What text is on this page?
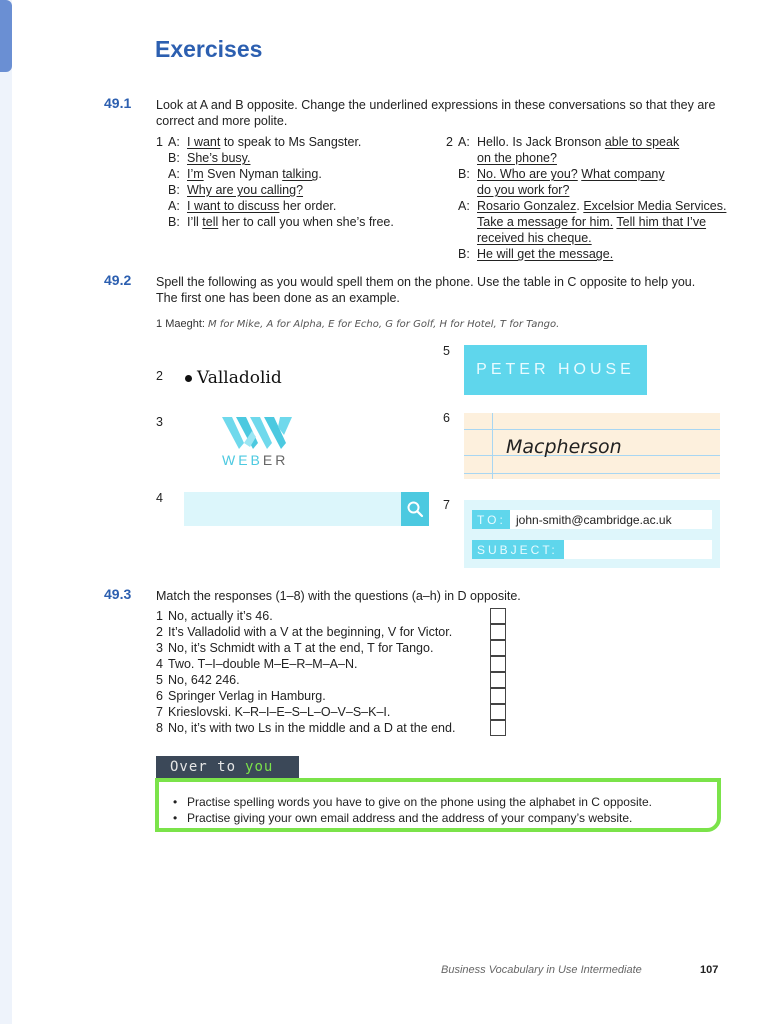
Exercises
49.1 Look at A and B opposite. Change the underlined expressions in these conversations so that they are correct and more polite.
1 A: I want to speak to Ms Sangster.
B: She’s busy.
A: I’m Sven Nyman talking.
B: Why are you calling?
A: I want to discuss her order.
B: I’ll tell her to call you when she’s free.
2 A: Hello. Is Jack Bronson able to speak
on the phone?
B: No. Who are you? What company
do you work for?
A: Rosario Gonzalez. Excelsior Media Services.
Take a message for him. Tell him that I’ve
received his cheque.
B: He will get the message.
49.2 Spell the following as you would spell them on the phone. Use the table in C opposite to help you. The first one has been done as an example.
1 Maeght: M for Mike, A for Alpha, E for Echo, G for Golf, H for Hotel, T for Tango.
2 Valladolid
5
PETER HOUSE
3
WEBER
6
Macpherson
4	7
TO: john-smith@cambridge.ac.uk
SUBJECT:
49.3 Match the responses (1–8) with the questions (a–h) in D opposite.
1 No, actually it’s 46.
2 It’s Valladolid with a V at the beginning, V for Victor.
3 No, it’s Schmidt with a T at the end, T for Tango.
4 Two. T–I–double M–E–R–M–A–N.
5 No, 642 246.
6 Springer Verlag in Hamburg.
7 Krieslovski. K–R–I–E–S–L–O–V–S–K–I.
8 No, it’s with two Ls in the middle and a D at the end.
Over to you
• Practise spelling words you have to give on the phone using the alphabet in C opposite.
• Practise giving your own email address and the address of your company’s website.
Business Vocabulary in Use Intermediate	107
